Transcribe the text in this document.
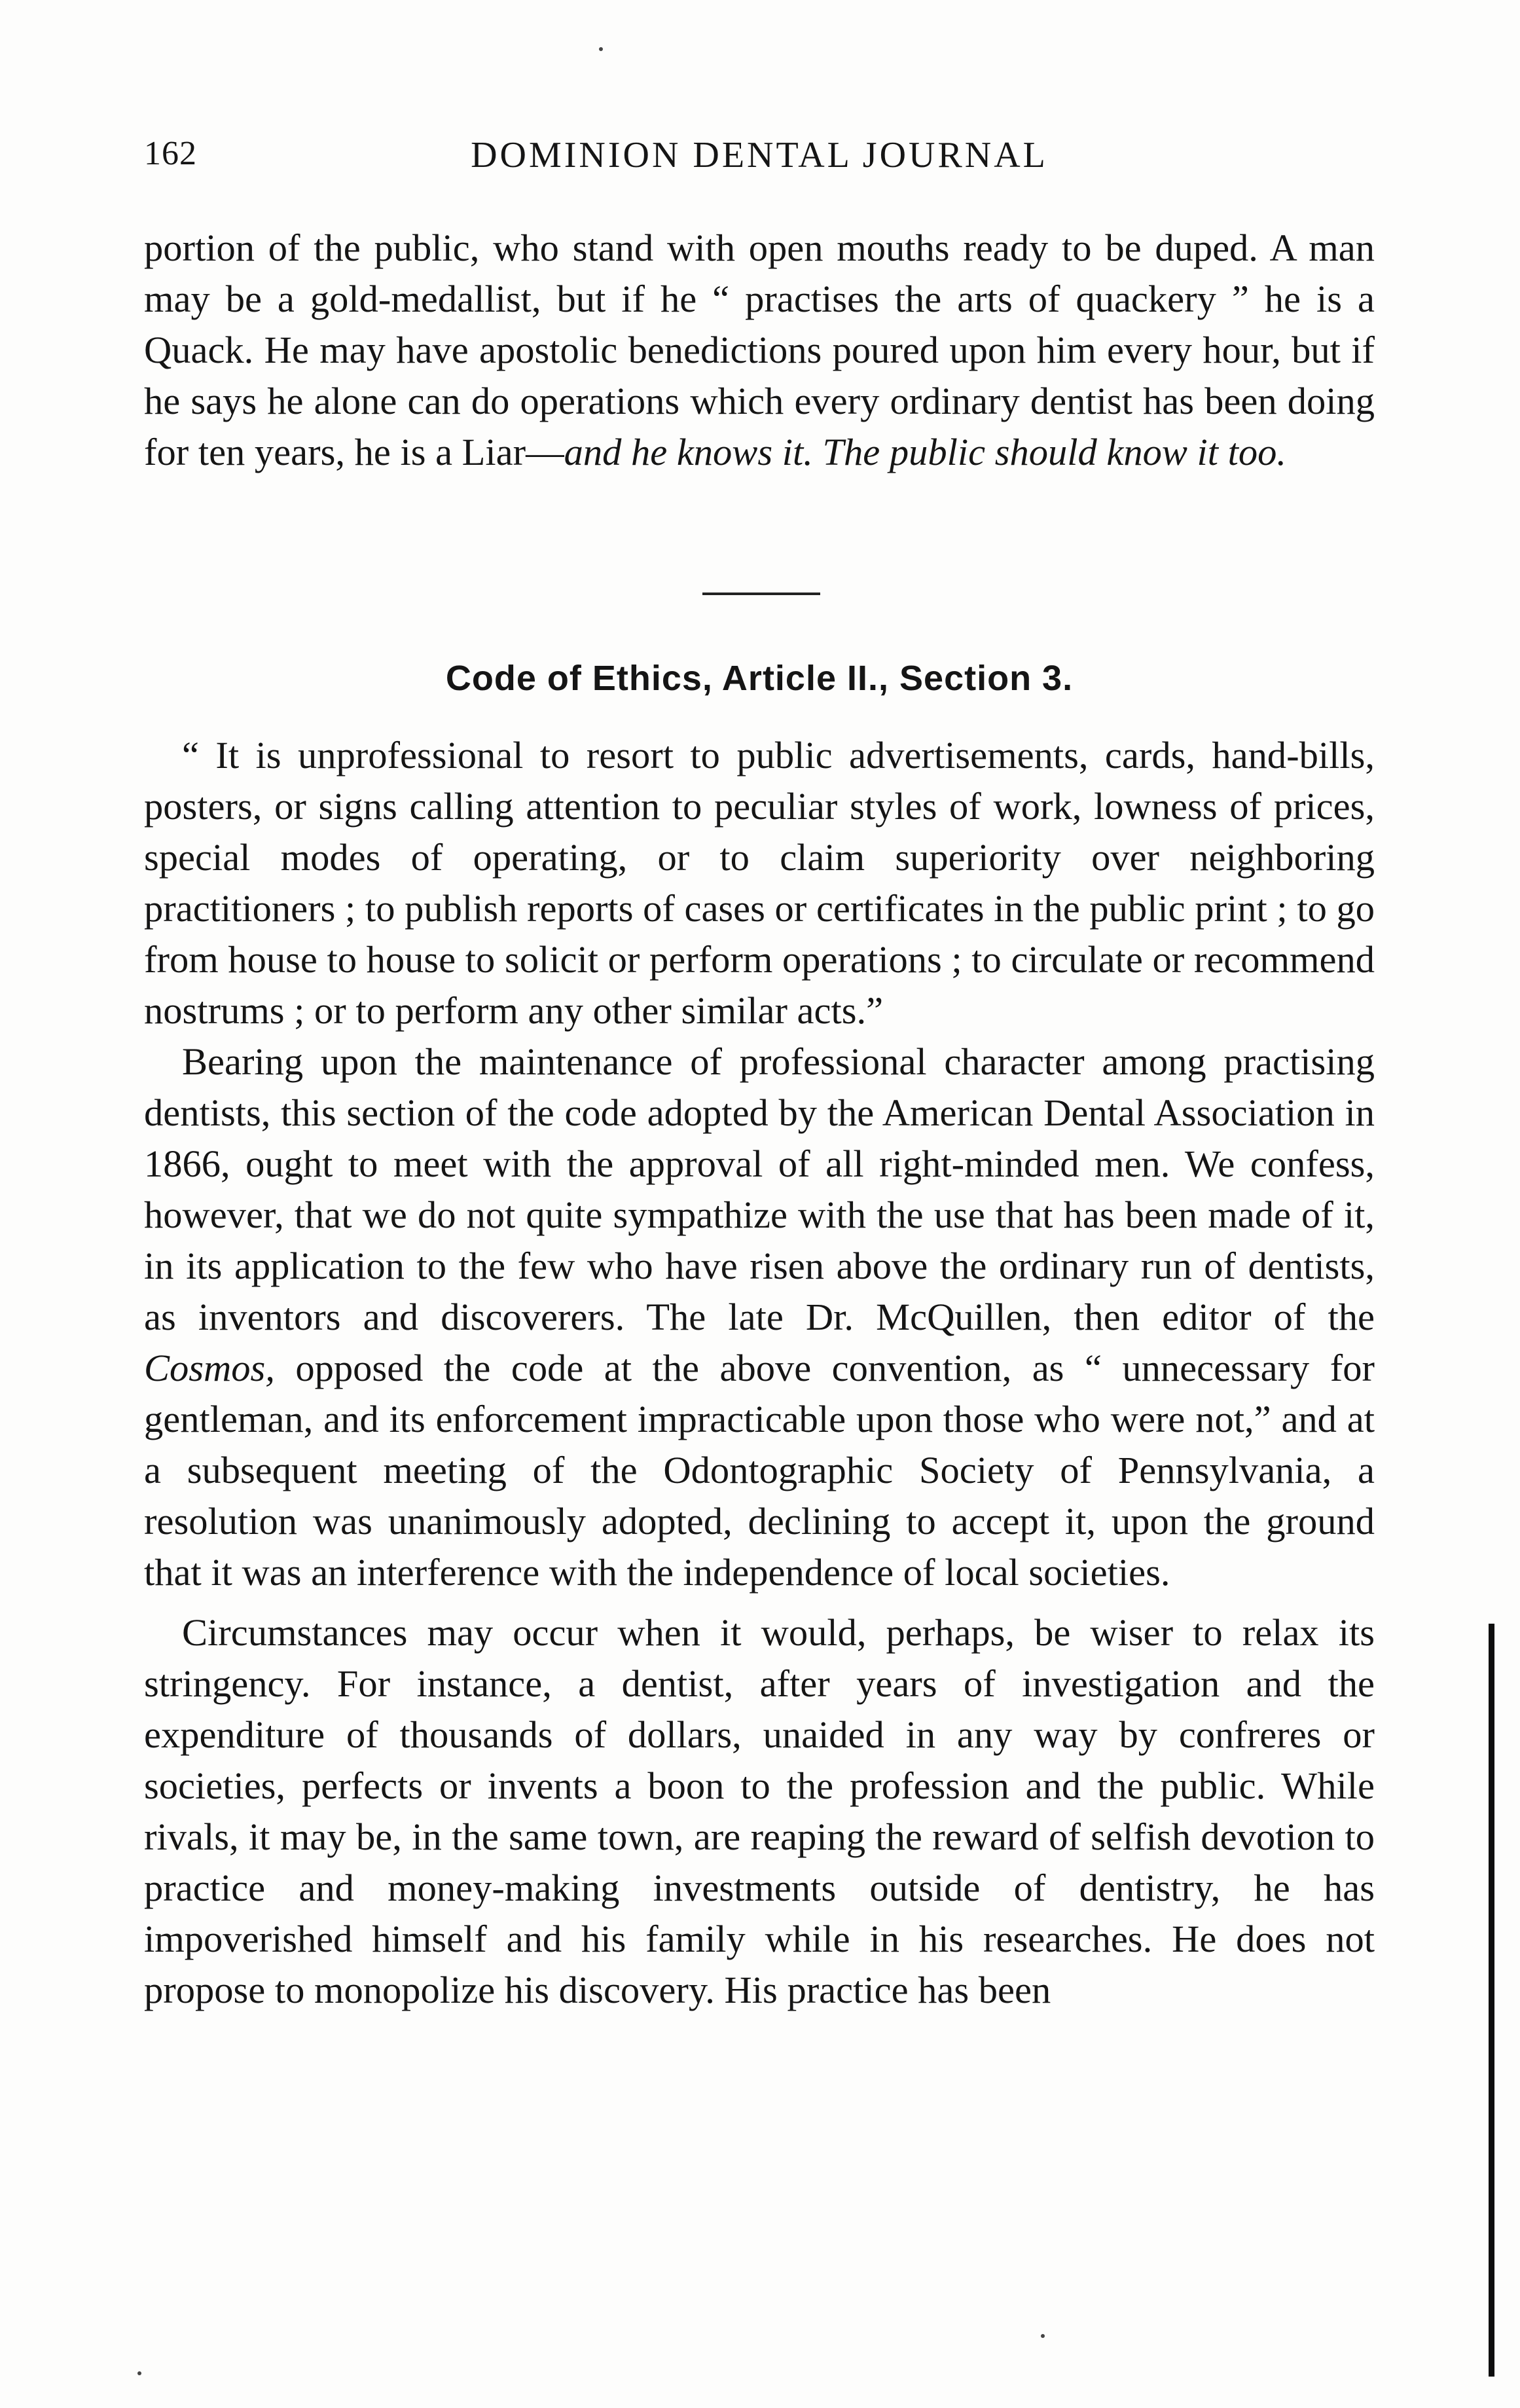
162	DOMINION DENTAL JOURNAL

portion of the public, who stand with open mouths ready to be duped. A man may be a gold-medallist, but if he “ practises the arts of quackery ” he is a Quack. He may have apostolic benedictions poured upon him every hour, but if he says he alone can do operations which every ordinary dentist has been doing for ten years, he is a Liar—and he knows it. The public should know it too.

Code of Ethics, Article II., Section 3.

“ It is unprofessional to resort to public advertisements, cards, hand-bills, posters, or signs calling attention to peculiar styles of work, lowness of prices, special modes of operating, or to claim superiority over neighboring practitioners ; to publish reports of cases or certificates in the public print ; to go from house to house to solicit or perform operations ; to circulate or recommend nostrums ; or to perform any other similar acts.”

Bearing upon the maintenance of professional character among practising dentists, this section of the code adopted by the American Dental Association in 1866, ought to meet with the approval of all right-minded men. We confess, however, that we do not quite sympathize with the use that has been made of it, in its application to the few who have risen above the ordinary run of dentists, as inventors and discoverers. The late Dr. McQuillen, then editor of the Cosmos, opposed the code at the above convention, as “ unnecessary for gentleman, and its enforcement impracticable upon those who were not,” and at a subsequent meeting of the Odontographic Society of Pennsylvania, a resolution was unanimously adopted, declining to accept it, upon the ground that it was an interference with the independence of local societies.

Circumstances may occur when it would, perhaps, be wiser to relax its stringency. For instance, a dentist, after years of investigation and the expenditure of thousands of dollars, unaided in any way by confreres or societies, perfects or invents a boon to the profession and the public. While rivals, it may be, in the same town, are reaping the reward of selfish devotion to practice and money-making investments outside of dentistry, he has impoverished himself and his family while in his researches. He does not propose to monopolize his discovery. His practice has been
